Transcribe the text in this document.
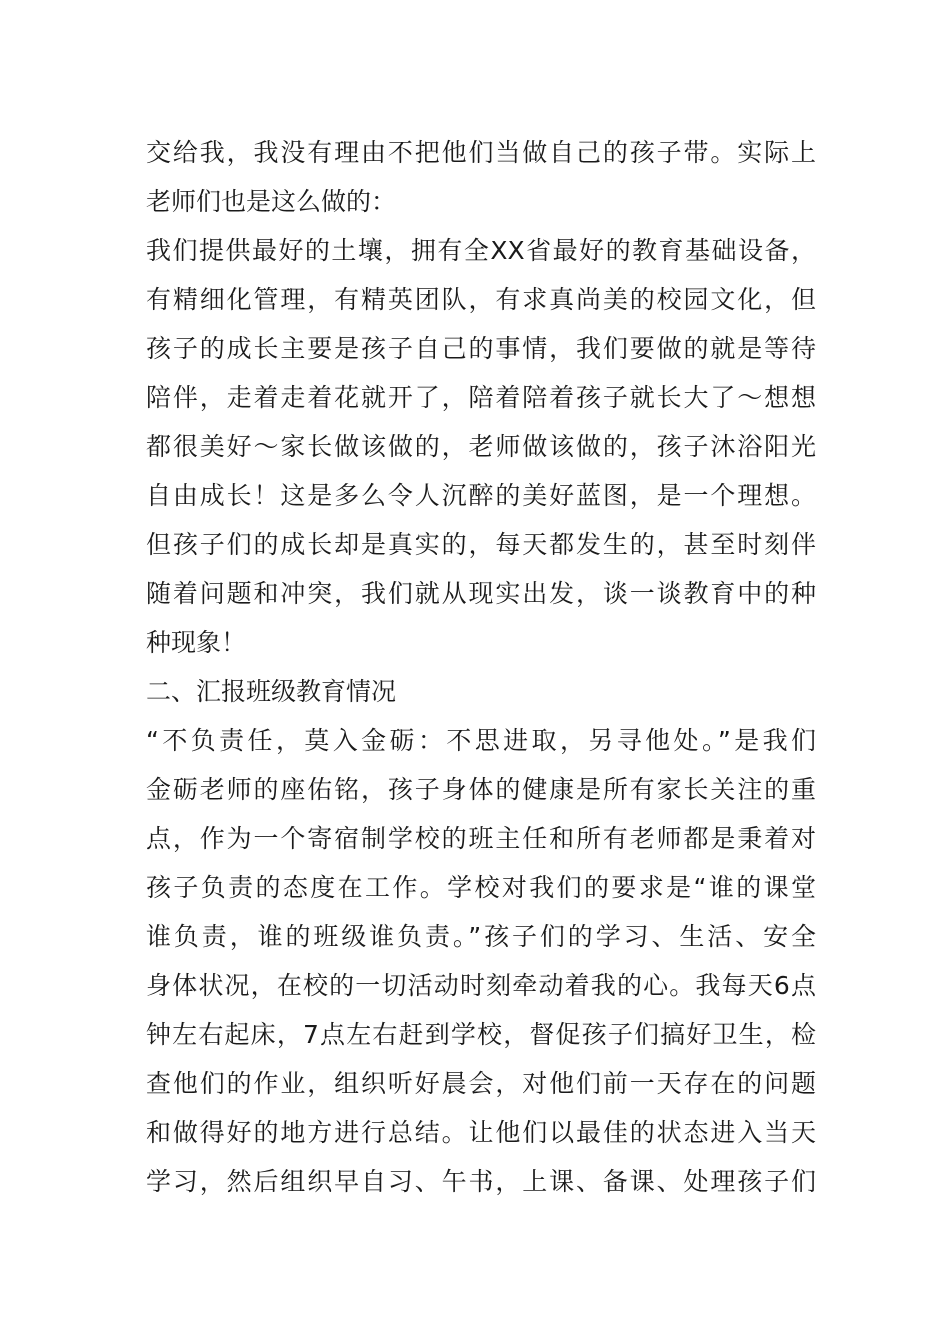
交给我，我没有理由不把他们当做自己的孩子带。实际上
老师们也是这么做的：
我们提供最好的土壤，拥有全XX省最好的教育基础设备，
有精细化管理，有精英团队，有求真尚美的校园文化，但
孩子的成长主要是孩子自己的事情，我们要做的就是等待
陪伴，走着走着花就开了，陪着陪着孩子就长大了～想想
都很美好～家长做该做的，老师做该做的，孩子沐浴阳光
自由成长！这是多么令人沉醉的美好蓝图，是一个理想。
但孩子们的成长却是真实的，每天都发生的，甚至时刻伴
随着问题和冲突，我们就从现实出发，谈一谈教育中的种
种现象！
二、汇报班级教育情况
“不负责任，莫入金砺：不思进取，另寻他处。”是我们
金砺老师的座佑铭，孩子身体的健康是所有家长关注的重
点，作为一个寄宿制学校的班主任和所有老师都是秉着对
孩子负责的态度在工作。学校对我们的要求是“谁的课堂
谁负责，谁的班级谁负责。”孩子们的学习、生活、安全
身体状况，在校的一切活动时刻牵动着我的心。我每天6点
钟左右起床，7点左右赶到学校，督促孩子们搞好卫生，检
查他们的作业，组织听好晨会，对他们前一天存在的问题
和做得好的地方进行总结。让他们以最佳的状态进入当天
学习，然后组织早自习、午书，上课、备课、处理孩子们
